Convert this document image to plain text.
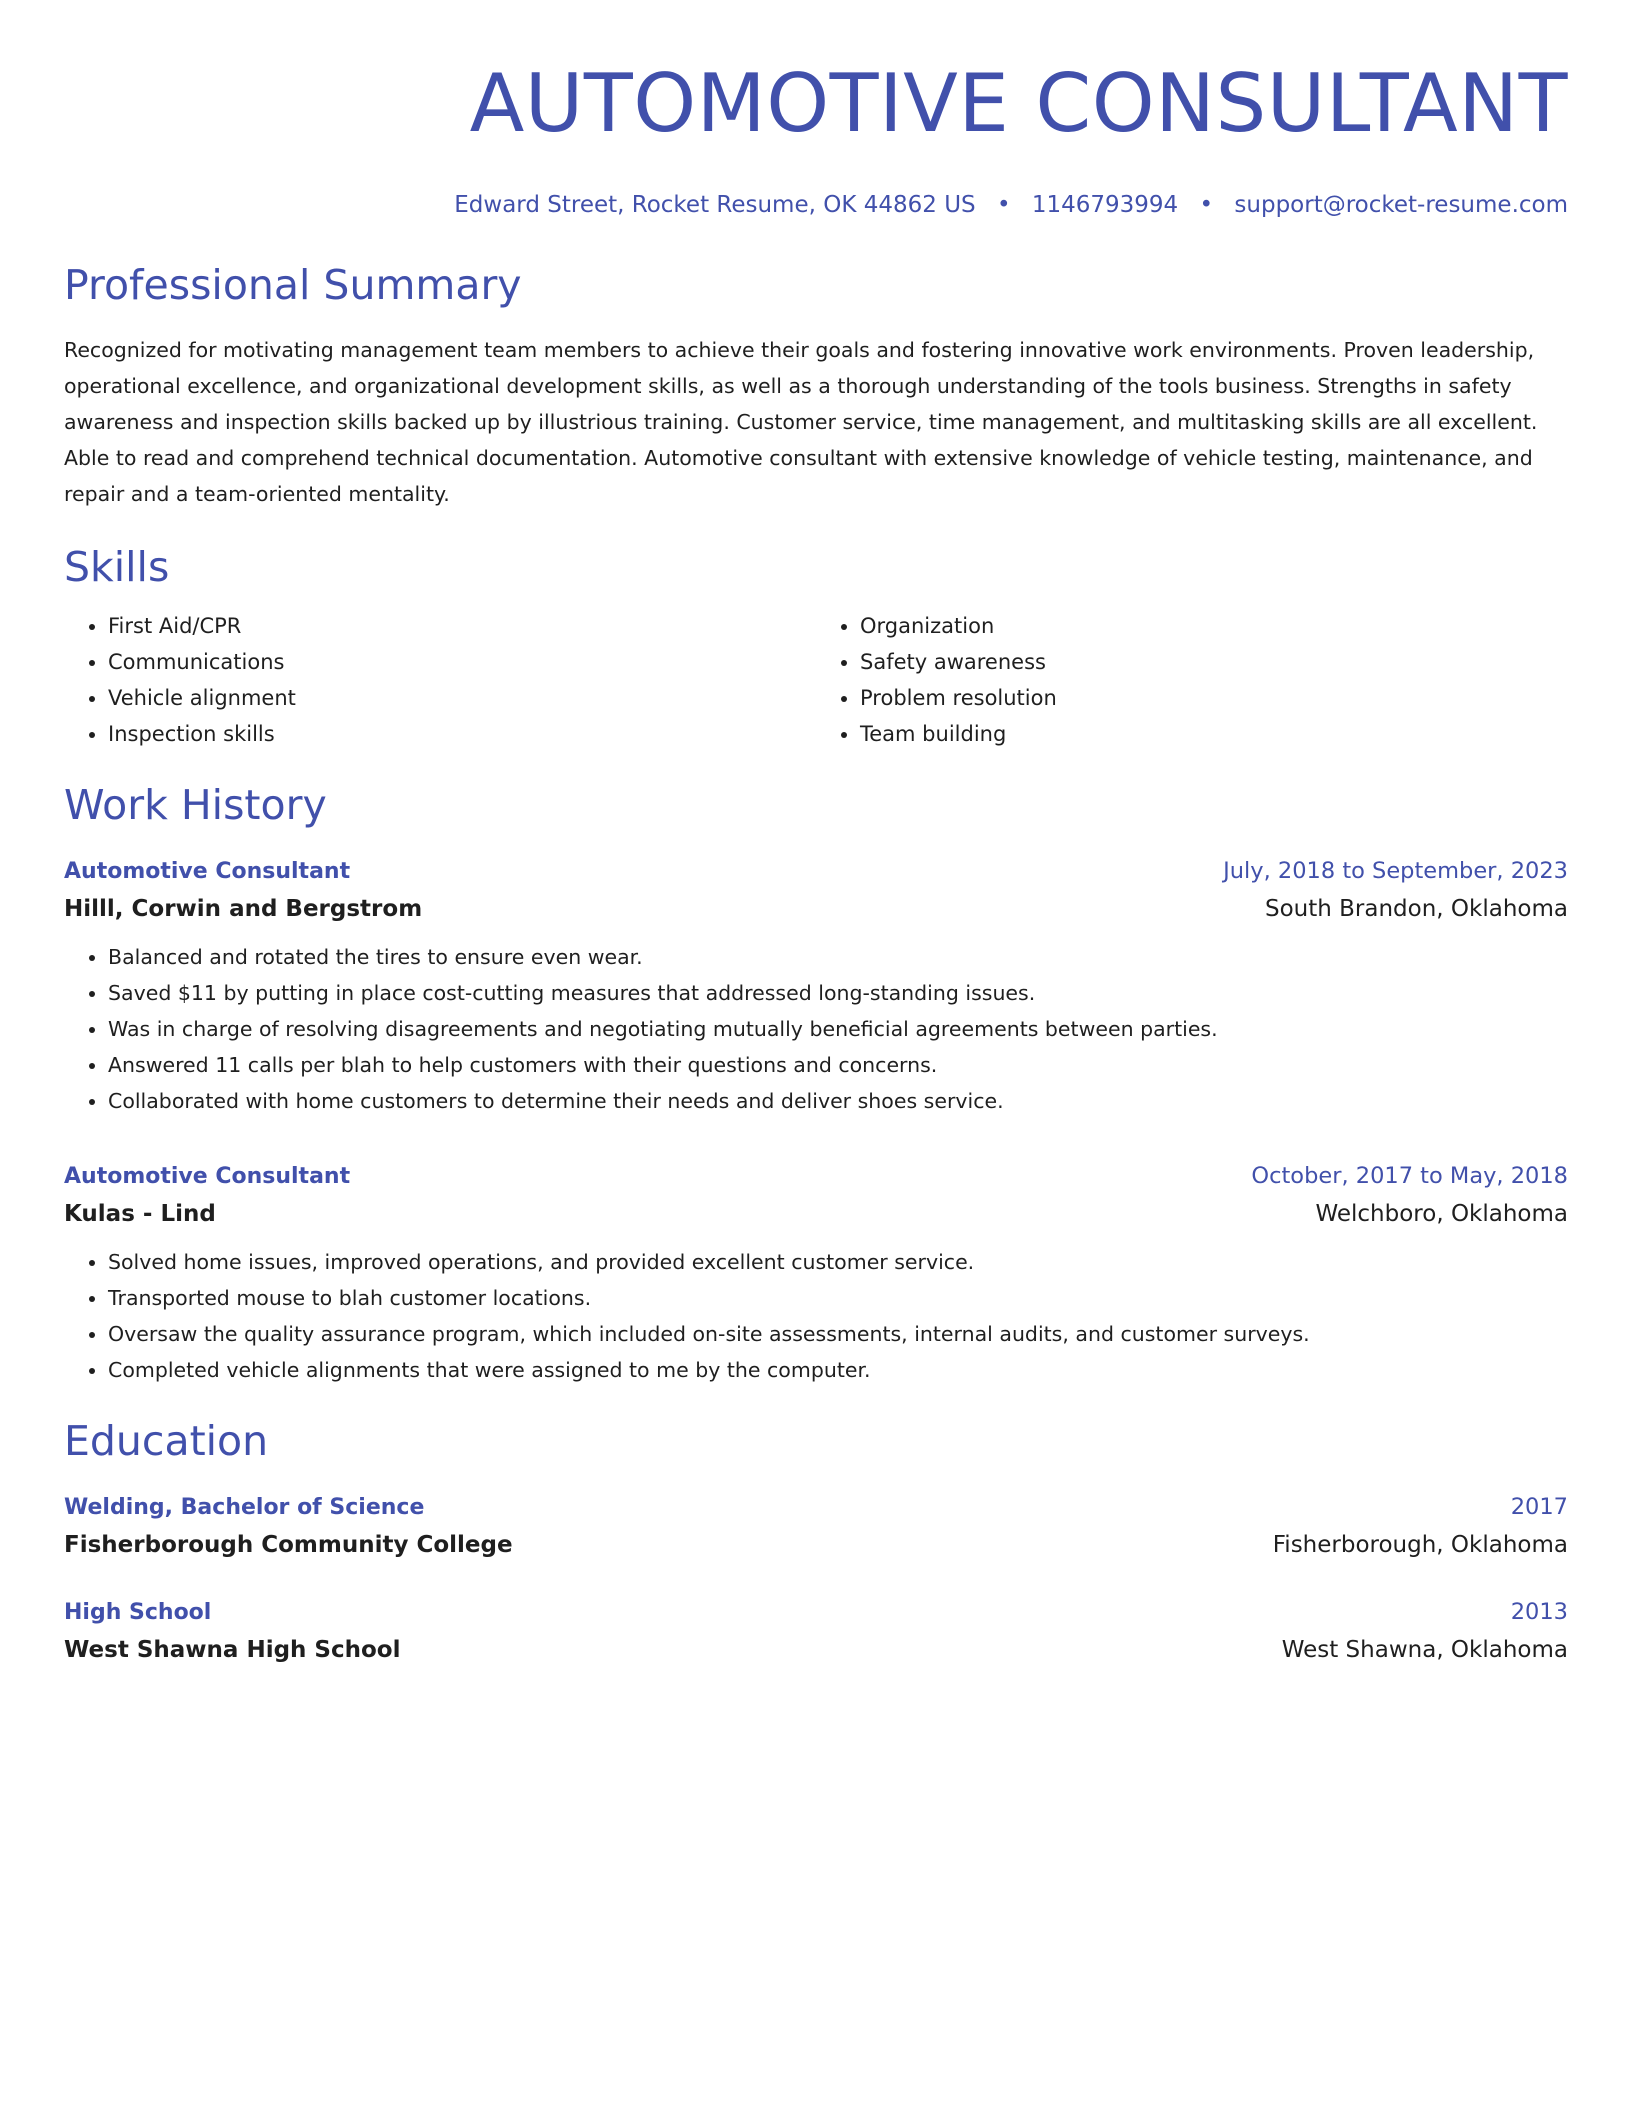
AUTOMOTIVE CONSULTANT
Edward Street, Rocket Resume, OK 44862 US • 1146793994 • support@rocket-resume.com
Professional Summary
Recognized for motivating management team members to achieve their goals and fostering innovative work environments. Proven leadership, operational excellence, and organizational development skills, as well as a thorough understanding of the tools business. Strengths in safety awareness and inspection skills backed up by illustrious training. Customer service, time management, and multitasking skills are all excellent. Able to read and comprehend technical documentation. Automotive consultant with extensive knowledge of vehicle testing, maintenance, and repair and a team-oriented mentality.
Skills
• First Aid/CPR
• Communications
• Vehicle alignment
• Inspection skills
• Organization
• Safety awareness
• Problem resolution
• Team building
Work History
Automotive Consultant	July, 2018 to September, 2023
Hilll, Corwin and Bergstrom	South Brandon, Oklahoma
• Balanced and rotated the tires to ensure even wear.
• Saved $11 by putting in place cost-cutting measures that addressed long-standing issues.
• Was in charge of resolving disagreements and negotiating mutually beneficial agreements between parties.
• Answered 11 calls per blah to help customers with their questions and concerns.
• Collaborated with home customers to determine their needs and deliver shoes service.
Automotive Consultant	October, 2017 to May, 2018
Kulas - Lind	Welchboro, Oklahoma
• Solved home issues, improved operations, and provided excellent customer service.
• Transported mouse to blah customer locations.
• Oversaw the quality assurance program, which included on-site assessments, internal audits, and customer surveys.
• Completed vehicle alignments that were assigned to me by the computer.
Education
Welding, Bachelor of Science	2017
Fisherborough Community College	Fisherborough, Oklahoma
High School	2013
West Shawna High School	West Shawna, Oklahoma
